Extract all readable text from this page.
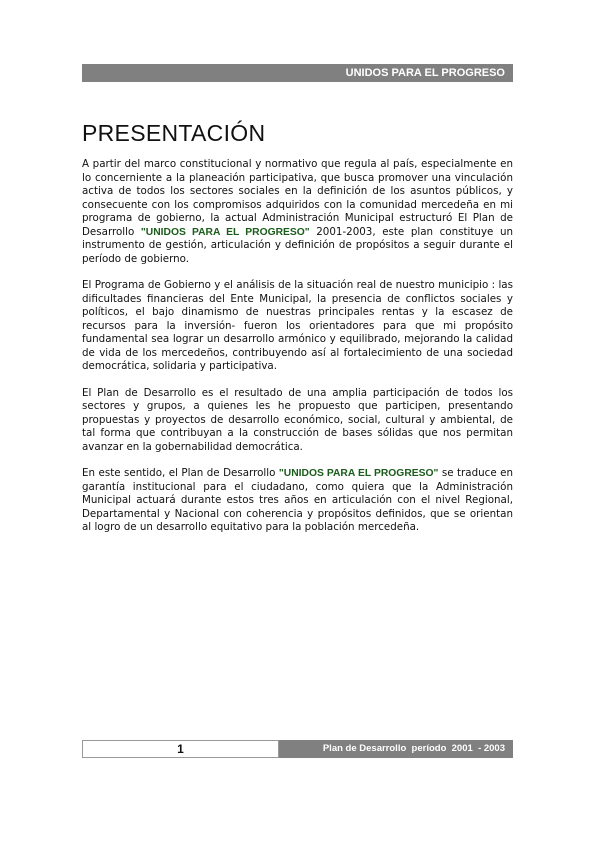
UNIDOS PARA EL PROGRESO
PRESENTACIÓN

A partir del marco constitucional y normativo que regula al país, especialmente en lo concerniente a la planeación participativa, que busca promover una vinculación activa de todos los sectores sociales en la definición de los asuntos públicos, y consecuente con los compromisos adquiridos con la comunidad mercedeña en mi programa de gobierno, la actual Administración Municipal estructuró El Plan de Desarrollo "UNIDOS PARA EL PROGRESO" 2001-2003, este plan constituye un instrumento de gestión, articulación y definición de propósitos a seguir durante el período de gobierno.

El Programa de Gobierno y el análisis de la situación real de nuestro municipio : las dificultades financieras del Ente Municipal, la presencia de conflictos sociales y políticos, el bajo dinamismo de nuestras principales rentas y la escasez de recursos para la inversión- fueron los orientadores para que mi propósito fundamental sea lograr un desarrollo armónico y equilibrado, mejorando la calidad de vida de los mercedeños, contribuyendo así al fortalecimiento de una sociedad democrática, solidaria y participativa.

El Plan de Desarrollo es el resultado de una amplia participación de todos los sectores y grupos, a quienes les he propuesto que participen, presentando propuestas y proyectos de desarrollo económico, social, cultural y ambiental, de tal forma que contribuyan a la construcción de bases sólidas que nos permitan avanzar en la gobernabilidad democrática.

En este sentido, el Plan de Desarrollo "UNIDOS PARA EL PROGRESO" se traduce en garantía institucional para el ciudadano, como quiera que la Administración Municipal actuará durante estos tres años en articulación con el nivel Regional, Departamental y Nacional con coherencia y propósitos definidos, que se orientan al logro de un desarrollo equitativo para la población mercedeña.

1	Plan de Desarrollo  período  2001  - 2003
